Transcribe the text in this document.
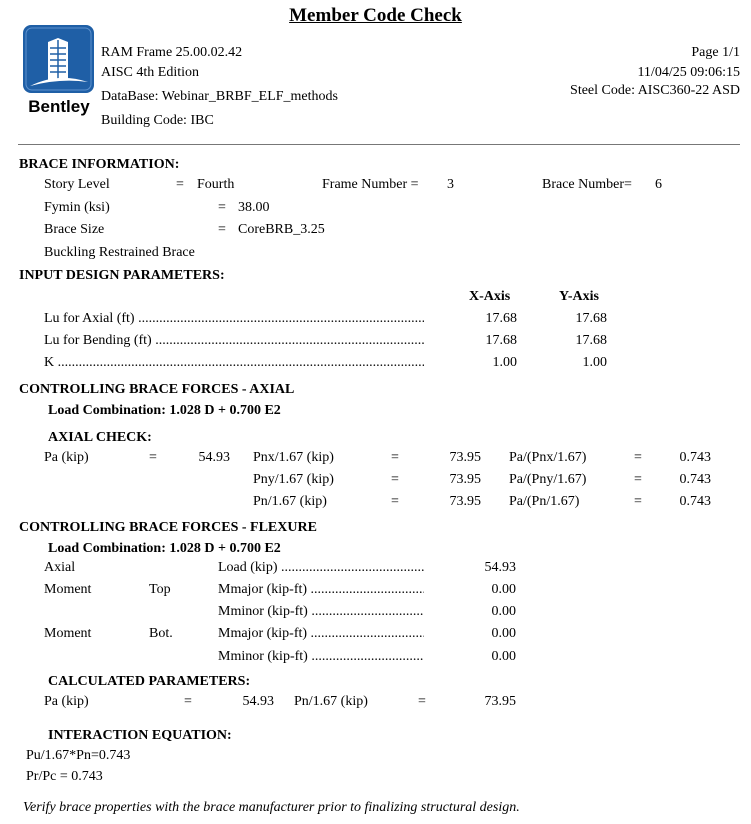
Member Code Check
Bentley
RAM Frame 25.00.02.42
AISC 4th Edition
DataBase: Webinar_BRBF_ELF_methods
Building Code: IBC
Page 1/1
11/04/25 09:06:15
Steel Code: AISC360-22 ASD
BRACE INFORMATION:
Story Level	= Fourth	Frame Number = 3	Brace Number= 6
Fymin (ksi)	= 38.00
Brace Size	= CoreBRB_3.25
Buckling Restrained Brace
INPUT DESIGN PARAMETERS:
X-Axis	Y-Axis
Lu for Axial (ft) .....	17.68	17.68
Lu for Bending (ft) .....	17.68	17.68
K .....	1.00	1.00
CONTROLLING BRACE FORCES - AXIAL
Load Combination: 1.028 D + 0.700 E2
AXIAL CHECK:
Pa (kip)	=	54.93 Pnx/1.67 (kip)	=	73.95 Pa/(Pnx/1.67)	=	0.743
Pny/1.67 (kip)	=	73.95 Pa/(Pny/1.67)	=	0.743
Pn/1.67 (kip)	=	73.95 Pa/(Pn/1.67)	=	0.743
CONTROLLING BRACE FORCES - FLEXURE
Load Combination: 1.028 D + 0.700 E2
Axial	Load (kip) .....	54.93
Moment	Top	Mmajor (kip-ft) .....	0.00
Mminor (kip-ft) .....	0.00
Moment	Bot.	Mmajor (kip-ft) .....	0.00
Mminor (kip-ft) .....	0.00
CALCULATED PARAMETERS:
Pa (kip)	=	54.93 Pn/1.67 (kip)	=	73.95
INTERACTION EQUATION:
Pu/1.67*Pn=0.743
Pr/Pc = 0.743
Verify brace properties with the brace manufacturer prior to finalizing structural design.
